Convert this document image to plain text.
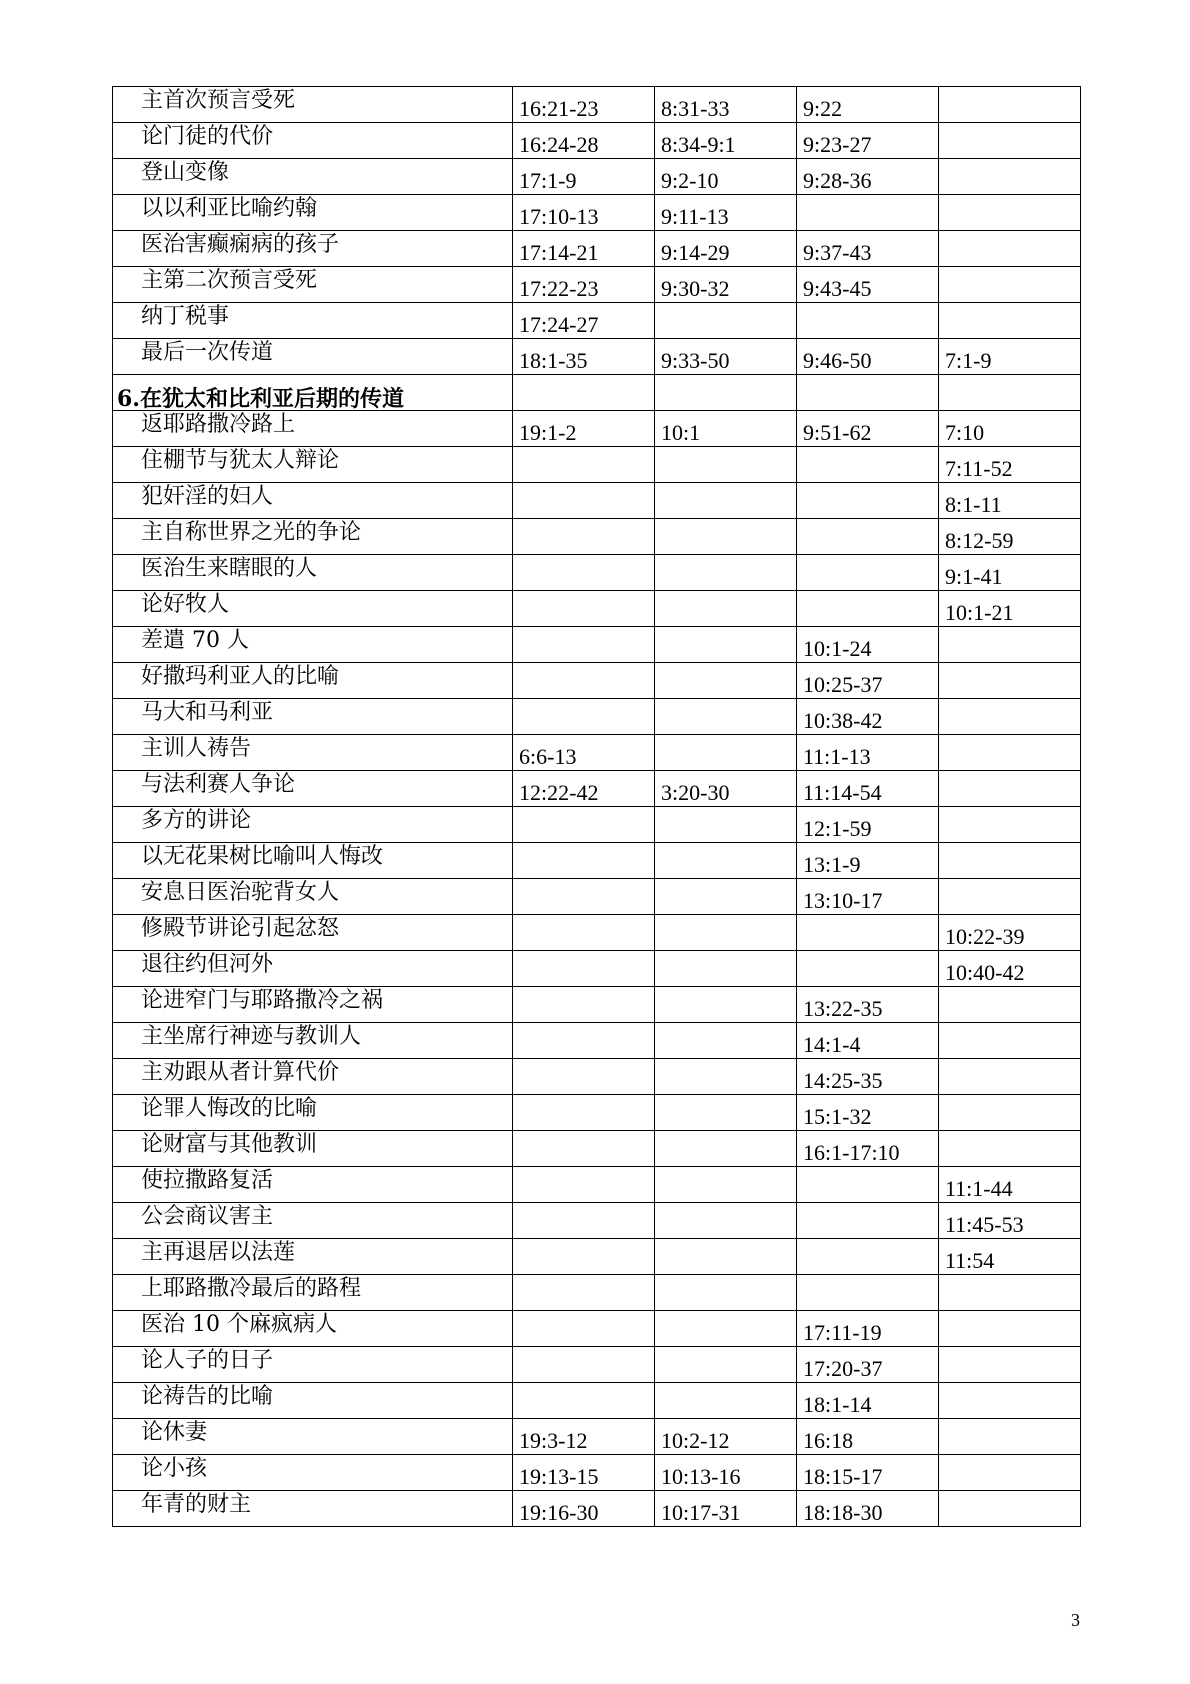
主首次预言受死	16:21-23	8:31-33	9:22	
论门徒的代价	16:24-28	8:34-9:1	9:23-27	
登山变像	17:1-9	9:2-10	9:28-36	
以以利亚比喻约翰	17:10-13	9:11-13		
医治害癫痫病的孩子	17:14-21	9:14-29	9:37-43	
主第二次预言受死	17:22-23	9:30-32	9:43-45	
纳丁税事	17:24-27			
最后一次传道	18:1-35	9:33-50	9:46-50	7:1-9
6.在犹太和比利亚后期的传道				
返耶路撒冷路上	19:1-2	10:1	9:51-62	7:10
住棚节与犹太人辩论				7:11-52
犯奸淫的妇人				8:1-11
主自称世界之光的争论				8:12-59
医治生来瞎眼的人				9:1-41
论好牧人				10:1-21
差遣 70 人			10:1-24	
好撒玛利亚人的比喻			10:25-37	
马大和马利亚			10:38-42	
主训人祷告	6:6-13		11:1-13	
与法利赛人争论	12:22-42	3:20-30	11:14-54	
多方的讲论			12:1-59	
以无花果树比喻叫人悔改			13:1-9	
安息日医治驼背女人			13:10-17	
修殿节讲论引起忿怒				10:22-39
退往约但河外				10:40-42
论进窄门与耶路撒冷之祸			13:22-35	
主坐席行神迹与教训人			14:1-4	
主劝跟从者计算代价			14:25-35	
论罪人悔改的比喻			15:1-32	
论财富与其他教训			16:1-17:10	
使拉撒路复活				11:1-44
公会商议害主				11:45-53
主再退居以法莲				11:54
上耶路撒冷最后的路程				
医治 10 个麻疯病人			17:11-19	
论人子的日子			17:20-37	
论祷告的比喻			18:1-14	
论休妻	19:3-12	10:2-12	16:18	
论小孩	19:13-15	10:13-16	18:15-17	
年青的财主	19:16-30	10:17-31	18:18-30	
3
